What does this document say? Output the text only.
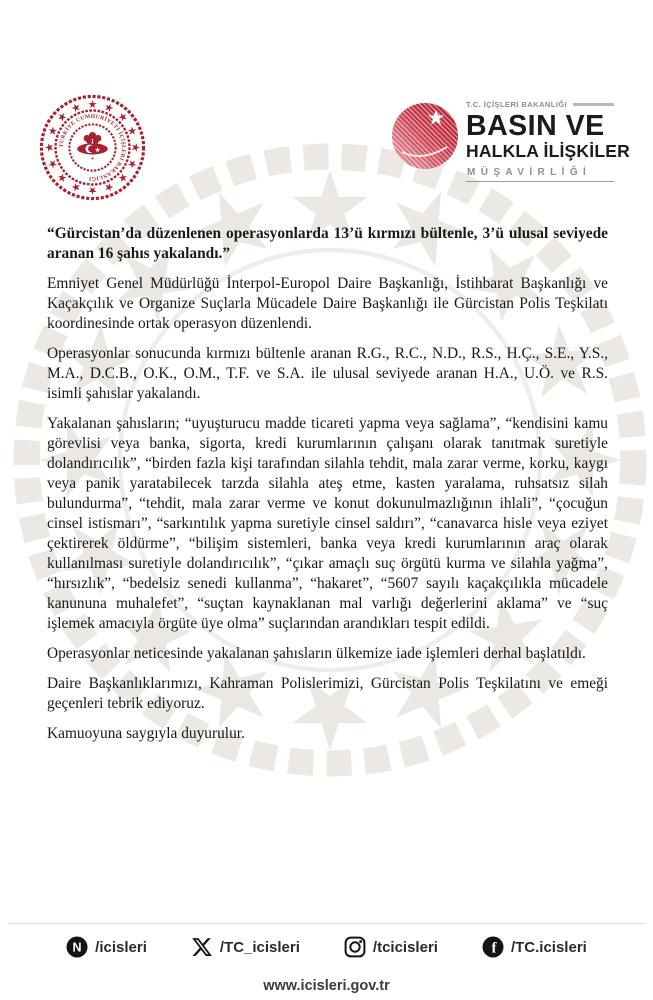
TÜRKİYE CUMHURİYETİ İÇİŞLERİ BAKANLIĞI
T.C. İÇİŞLERİ BAKANLIĞI
BASIN VE
HALKLA İLİŞKİLER
MÜŞAVİRLİĞİ

“Gürcistan’da düzenlenen operasyonlarda 13’ü kırmızı bültenle, 3’ü ulusal seviyede aranan 16 şahıs yakalandı.”

Emniyet Genel Müdürlüğü İnterpol-Europol Daire Başkanlığı, İstihbarat Başkanlığı ve Kaçakçılık ve Organize Suçlarla Mücadele Daire Başkanlığı ile Gürcistan Polis Teşkilatı koordinesinde ortak operasyon düzenlendi.

Operasyonlar sonucunda kırmızı bültenle aranan R.G., R.C., N.D., R.S., H.Ç., S.E., Y.S., M.A., D.C.B., O.K., O.M., T.F. ve S.A. ile ulusal seviyede aranan H.A., U.Ö. ve R.S. isimli şahıslar yakalandı.

Yakalanan şahısların; “uyuşturucu madde ticareti yapma veya sağlama”, “kendisini kamu görevlisi veya banka, sigorta, kredi kurumlarının çalışanı olarak tanıtmak suretiyle dolandırıcılık”, “birden fazla kişi tarafından silahla tehdit, mala zarar verme, korku, kaygı veya panik yaratabilecek tarzda silahla ateş etme, kasten yaralama, ruhsatsız silah bulundurma”, “tehdit, mala zarar verme ve konut dokunulmazlığının ihlali”, “çocuğun cinsel istismarı”, “sarkıntılık yapma suretiyle cinsel saldırı”, “canavarca hisle veya eziyet çektirerek öldürme”, “bilişim sistemleri, banka veya kredi kurumlarının araç olarak kullanılması suretiyle dolandırıcılık”, “çıkar amaçlı suç örgütü kurma ve silahla yağma”, “hırsızlık”, “bedelsiz senedi kullanma”, “hakaret”, “5607 sayılı kaçakçılıkla mücadele kanununa muhalefet”, “suçtan kaynaklanan mal varlığı değerlerini aklama” ve “suç işlemek amacıyla örgüte üye olma” suçlarından arandıkları tespit edildi.

Operasyonlar neticesinde yakalanan şahısların ülkemize iade işlemleri derhal başlatıldı.

Daire Başkanlıklarımızı, Kahraman Polislerimizi, Gürcistan Polis Teşkilatını ve emeği geçenleri tebrik ediyoruz.

Kamuoyuna saygıyla duyurulur.

N /icisleri	/TC_icisleri	/tcicisleri	f /TC.icisleri
www.icisleri.gov.tr
